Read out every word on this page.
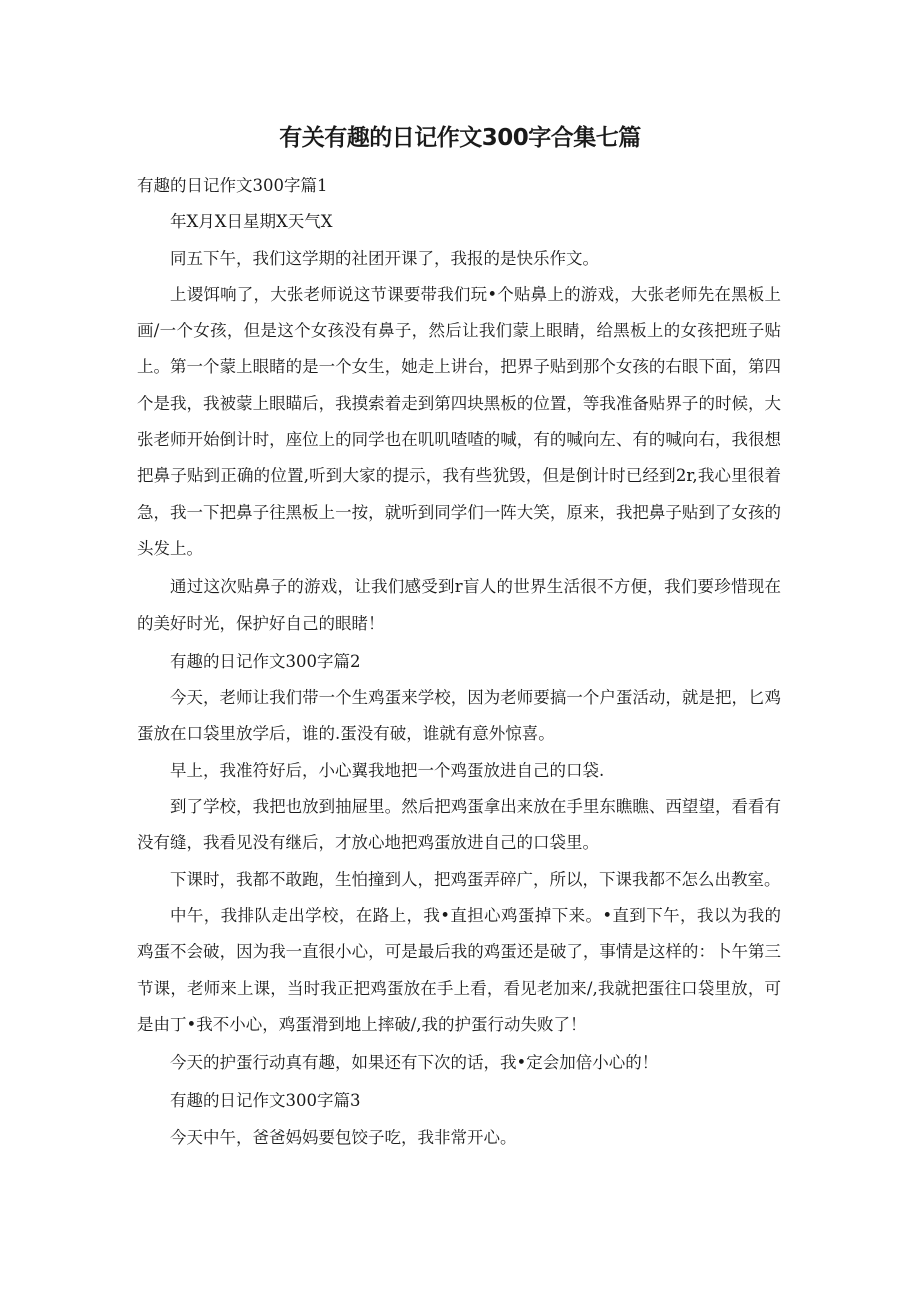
有关有趣的日记作文300字合集七篇

有趣的日记作文300字篇1

年X月X日星期X天气X

同五下午，我们这学期的社团开课了，我报的是快乐作文。

上谡饵响了，大张老师说这节课要带我们玩•个贴鼻上的游戏，大张老师先在黑板上画/一个女孩，但是这个女孩没有鼻子，然后让我们蒙上眼睛，给黑板上的女孩把班子贴上。第一个蒙上眼睹的是一个女生，她走上讲台，把界子贴到那个女孩的右眼下面，第四个是我，我被蒙上眼瞄后，我摸索着走到第四块黑板的位置，等我准备贴界子的时候，大张老师开始倒计时，座位上的同学也在叽叽喳喳的喊，有的喊向左、有的喊向右，我很想把鼻子贴到正确的位置,听到大家的提示，我有些犹毁，但是倒计时已经到2r,我心里很着急，我一下把鼻子往黑板上一按，就听到同学们一阵大笑，原来，我把鼻子贴到了女孩的头发上。

通过这次贴鼻子的游戏，让我们感受到r盲人的世界生活很不方便，我们要珍惜现在的美好时光，保护好自己的眼睹！

有趣的日记作文300字篇2

今天，老师让我们带一个生鸡蛋来学校，因为老师要搞一个户蛋活动，就是把，匕鸡蛋放在口袋里放学后，谁的.蛋没有破，谁就有意外惊喜。

早上，我准符好后，小心翼我地把一个鸡蛋放进自己的口袋.

到了学校，我把也放到抽屉里。然后把鸡蛋拿出来放在手里东瞧瞧、西望望，看看有没有缝，我看见没有继后，才放心地把鸡蛋放进自己的口袋里。

下课时，我都不敢跑，生怕撞到人，把鸡蛋弄碎广，所以，下课我都不怎么出教室。

中午，我排队走出学校，在路上，我•直担心鸡蛋掉下来。•直到下午，我以为我的鸡蛋不会破，因为我一直很小心，可是最后我的鸡蛋还是破了，事情是这样的：卜午第三节课，老师来上课，当时我正把鸡蛋放在手上看，看见老加来/,我就把蛋往口袋里放，可是由丁•我不小心，鸡蛋滑到地上摔破/,我的护蛋行动失败了！

今天的护蛋行动真有趣，如果还有下次的话，我•定会加倍小心的！

有趣的日记作文300字篇3

今天中午，爸爸妈妈要包饺子吃，我非常开心。
